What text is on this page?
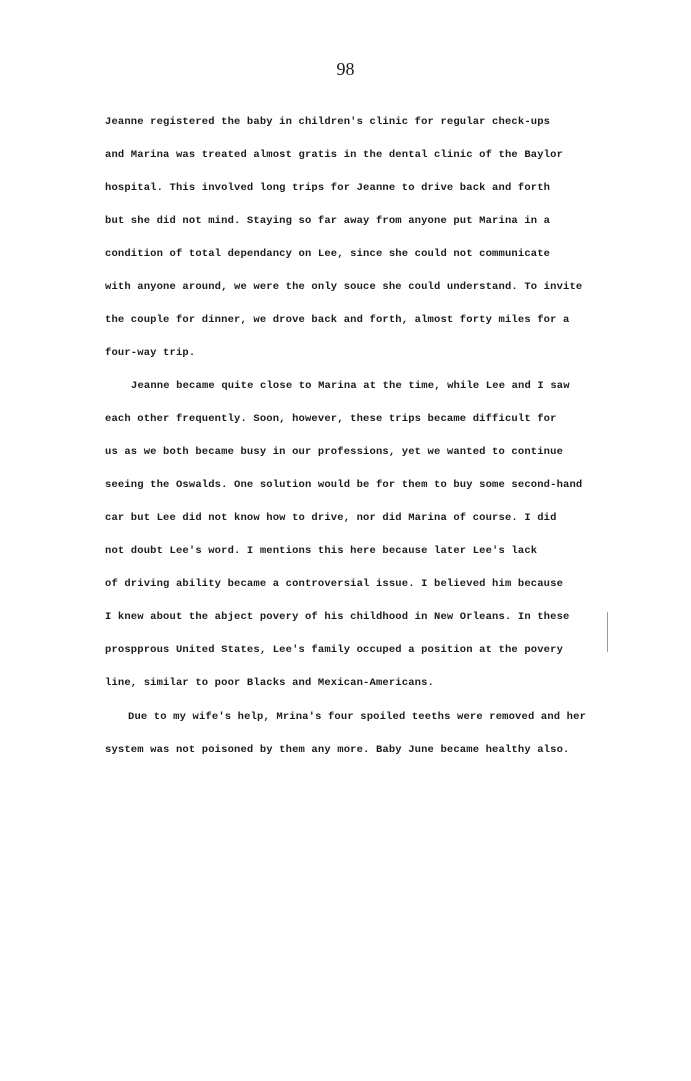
98
Jeanne registered the baby in children's clinic for regular check-ups
and Marina was treated almost gratis in the dental clinic of the Baylor
hospital. This involved long trips for Jeanne to drive back and forth
but she did not mind. Staying so far away from anyone put Marina in a
condition of total dependancy on Lee, since she could not communicate
with anyone around, we were the only souce she could understand. To invite
the couple for dinner, we drove back and forth, almost forty miles for a
four-way trip.
Jeanne became quite close to Marina at the time, while Lee and I saw
each other frequently. Soon, however, these trips became difficult for
us as we both became busy in our professions, yet we wanted to continue
seeing the Oswalds. One solution would be for them to buy some second-hand
car but Lee did not know how to drive, nor did Marina of course. I did
not doubt Lee's word. I mentions this here because later Lee's lack
of driving ability became a controversial issue. I believed him because
I knew about the abject povery of his childhood in New Orleans. In these
prospprous United States, Lee's family occuped a position at the povery
line, similar to poor Blacks and Mexican-Americans.
Due to my wife's help, Mrina's four spoiled teeths were removed and her
system was not poisoned by them any more. Baby June became healthy also.
